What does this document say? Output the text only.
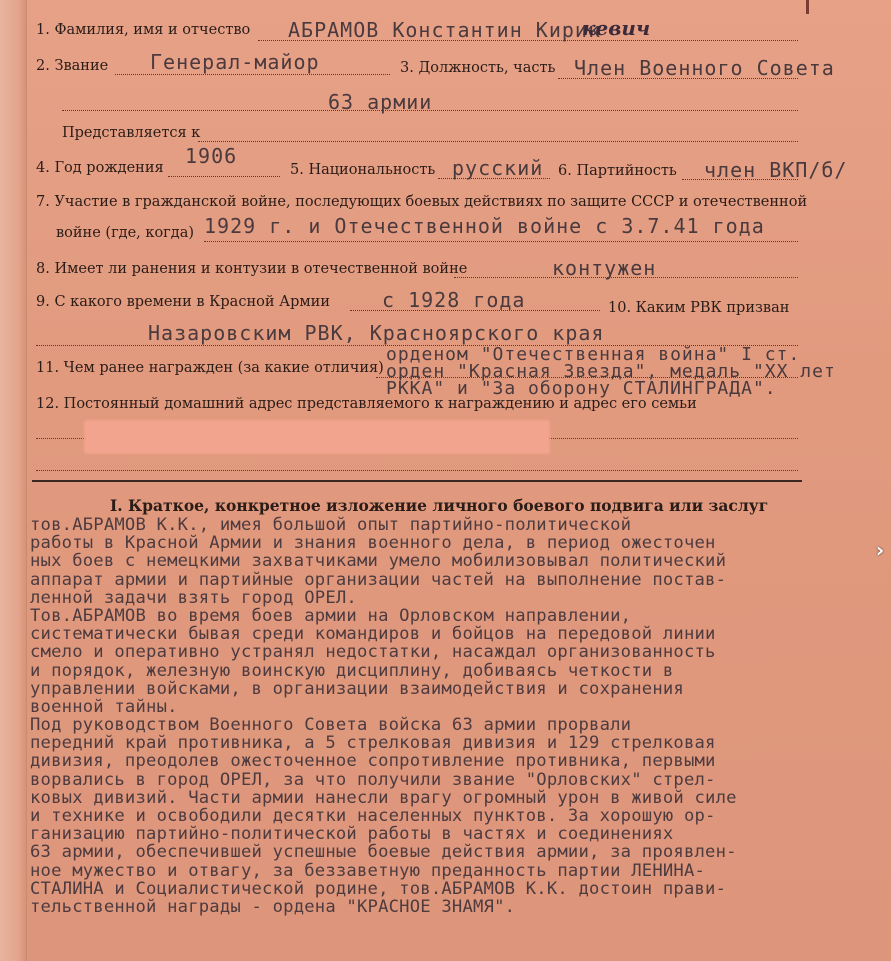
1. Фамилия, имя и отчество АБРАМОВ Константин Кирик
кевич
2. Звание Генерал-майор	3. Должность, часть Член Военного Совета
63 армии
Представляется к
4. Год рождения 1906
5. Национальность русский 6. Партийность член ВКП/б/
7. Участие в гражданской войне, последующих боевых действиях по защите СССР и отечественной
войне (где, когда) 1929 г. и Отечественной войне с 3.7.41 года
8. Имеет ли ранения и контузии в отечественной войне	контужен
9. С какого времени в Красной Армии	с 1928 года	10. Каким РВК призван
Назаровским РВК, Красноярского края
11. Чем ранее награжден (за какие отличия)
орденом "Отечественная война" I ст.
орден "Красная Звезда", медаль "XX лет
РККА" и "За оборону СТАЛИНГРАДА".
12. Постоянный домашний адрес представляемого к награждению и адрес его семьи
I. Краткое, конкретное изложение личного боевого подвига или заслуг
тов.АБРАМОВ К.К., имея большой опыт партийно-политической
работы в Красной Армии и знания военного дела, в период ожесточен
ных боев с немецкими захватчиками умело мобилизовывал политический
аппарат армии и партийные организации частей на выполнение постав-
ленной задачи взять город ОРЕЛ.
Тов.АБРАМОВ во время боев армии на Орловском направлении,
систематически бывая среди командиров и бойцов на передовой линии
смело и оперативно устранял недостатки, насаждал организованность
и порядок, железную воинскую дисциплину, добиваясь четкости в
управлении войсками, в организации взаимодействия и сохранения
военной тайны.
Под руководством Военного Совета войска 63 армии прорвали
передний край противника, а 5 стрелковая дивизия и 129 стрелковая
дивизия, преодолев ожесточенное сопротивление противника, первыми
ворвались в город ОРЕЛ, за что получили звание "Орловских" стрел-
ковых дивизий. Части армии нанесли врагу огромный урон в живой силе
и технике и освободили десятки населенных пунктов. За хорошую ор-
ганизацию партийно-политической работы в частях и соединениях
63 армии, обеспечившей успешные боевые действия армии, за проявлен-
ное мужество и отвагу, за беззаветную преданность партии ЛЕНИНА-
СТАЛИНА и Социалистической родине, тов.АБРАМОВ К.К. достоин прави-
тельственной награды - ордена "КРАСНОЕ ЗНАМЯ".
›
